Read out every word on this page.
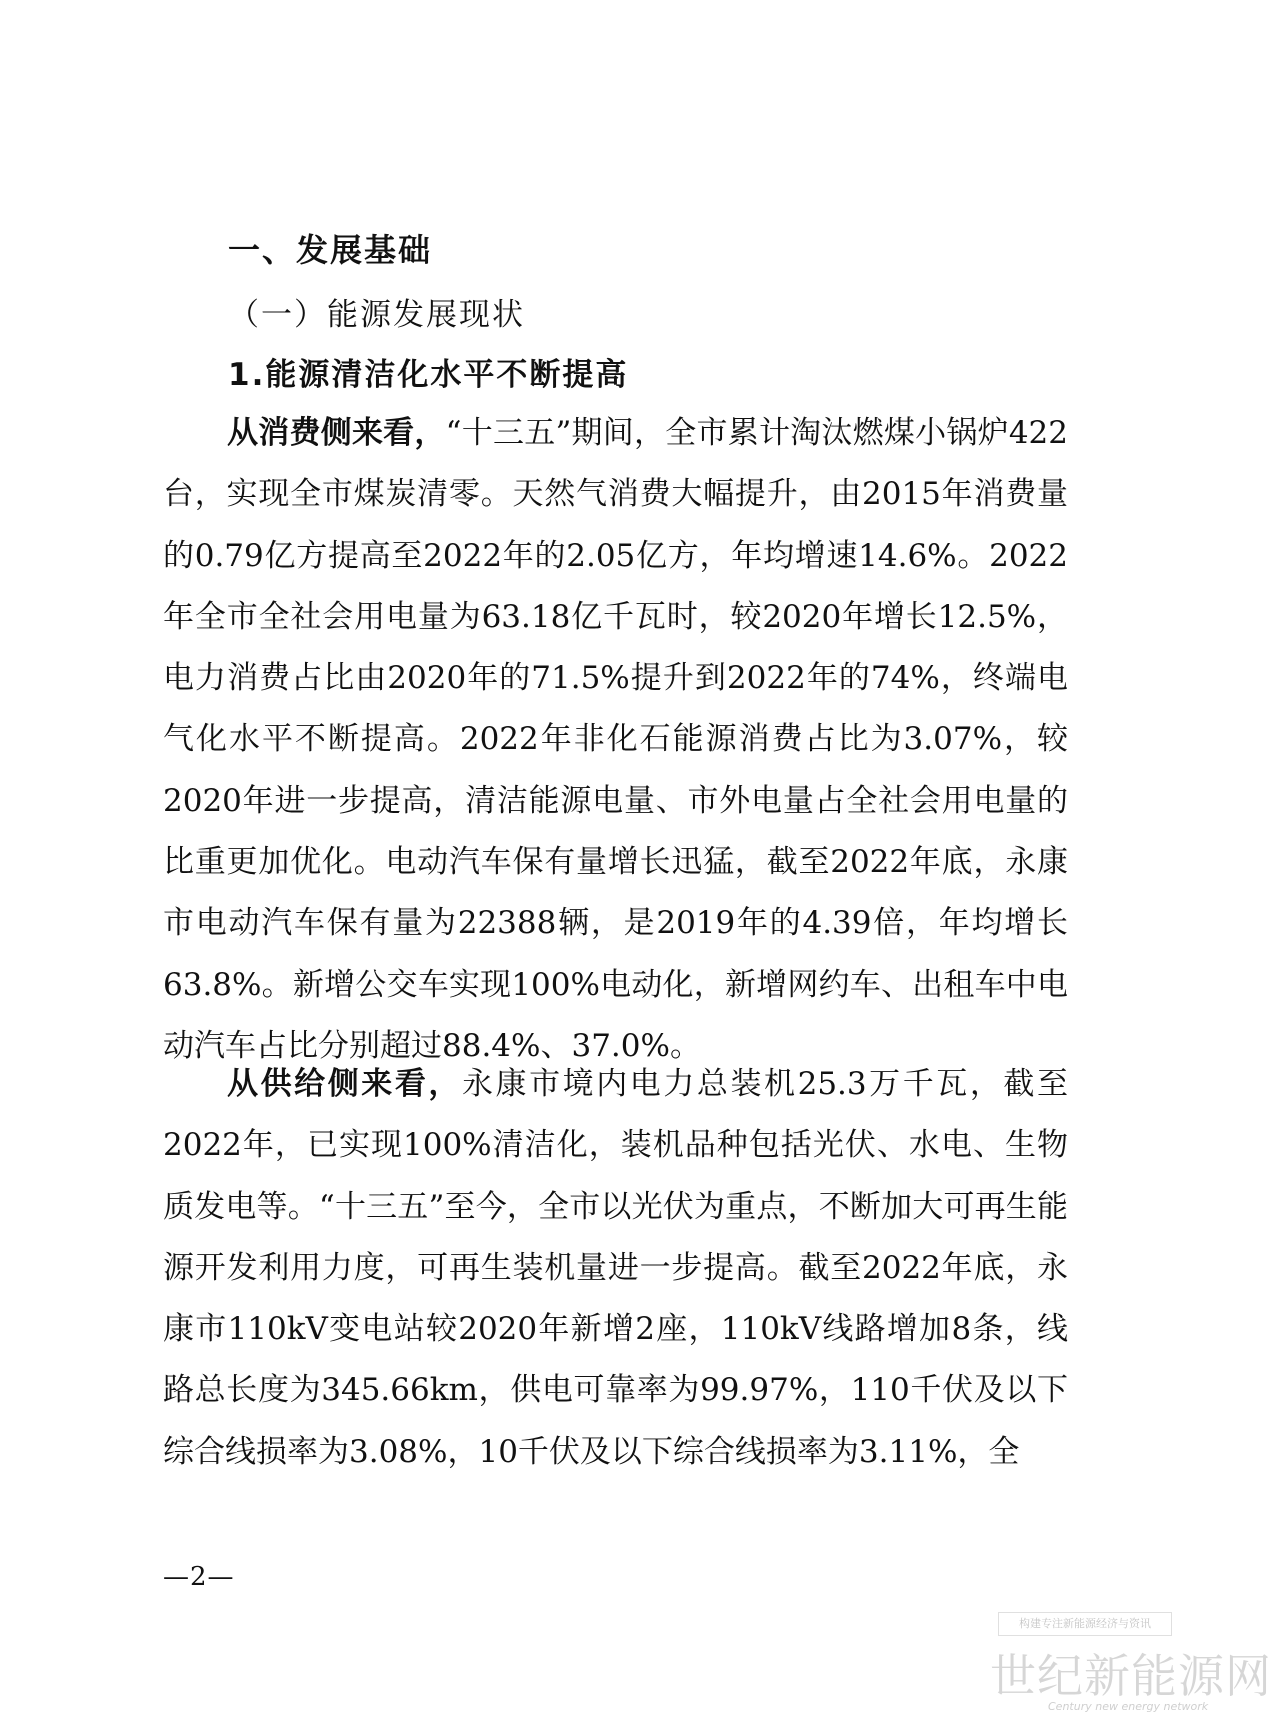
一、发展基础
（一）能源发展现状
1.能源清洁化水平不断提高

从消费侧来看，“十三五”期间，全市累计淘汰燃煤小锅炉422台，实现全市煤炭清零。天然气消费大幅提升，由2015年消费量的0.79亿方提高至2022年的2.05亿方，年均增速14.6%。2022年全市全社会用电量为63.18亿千瓦时，较2020年增长12.5%，电力消费占比由2020年的71.5%提升到2022年的74%，终端电气化水平不断提高。2022年非化石能源消费占比为3.07%，较2020年进一步提高，清洁能源电量、市外电量占全社会用电量的比重更加优化。电动汽车保有量增长迅猛，截至2022年底，永康市电动汽车保有量为22388辆，是2019年的4.39倍，年均增长63.8%。新增公交车实现100%电动化，新增网约车、出租车中电动汽车占比分别超过88.4%、37.0%。

从供给侧来看，永康市境内电力总装机25.3万千瓦，截至2022年，已实现100%清洁化，装机品种包括光伏、水电、生物质发电等。“十三五”至今，全市以光伏为重点，不断加大可再生能源开发利用力度，可再生装机量进一步提高。截至2022年底，永康市110kV变电站较2020年新增2座，110kV线路增加8条，线路总长度为345.66km，供电可靠率为99.97%，110千伏及以下综合线损率为3.08%，10千伏及以下综合线损率为3.11%，全

—2—
构建专注新能源经济与资讯
世纪新能源网
Century new energy network
